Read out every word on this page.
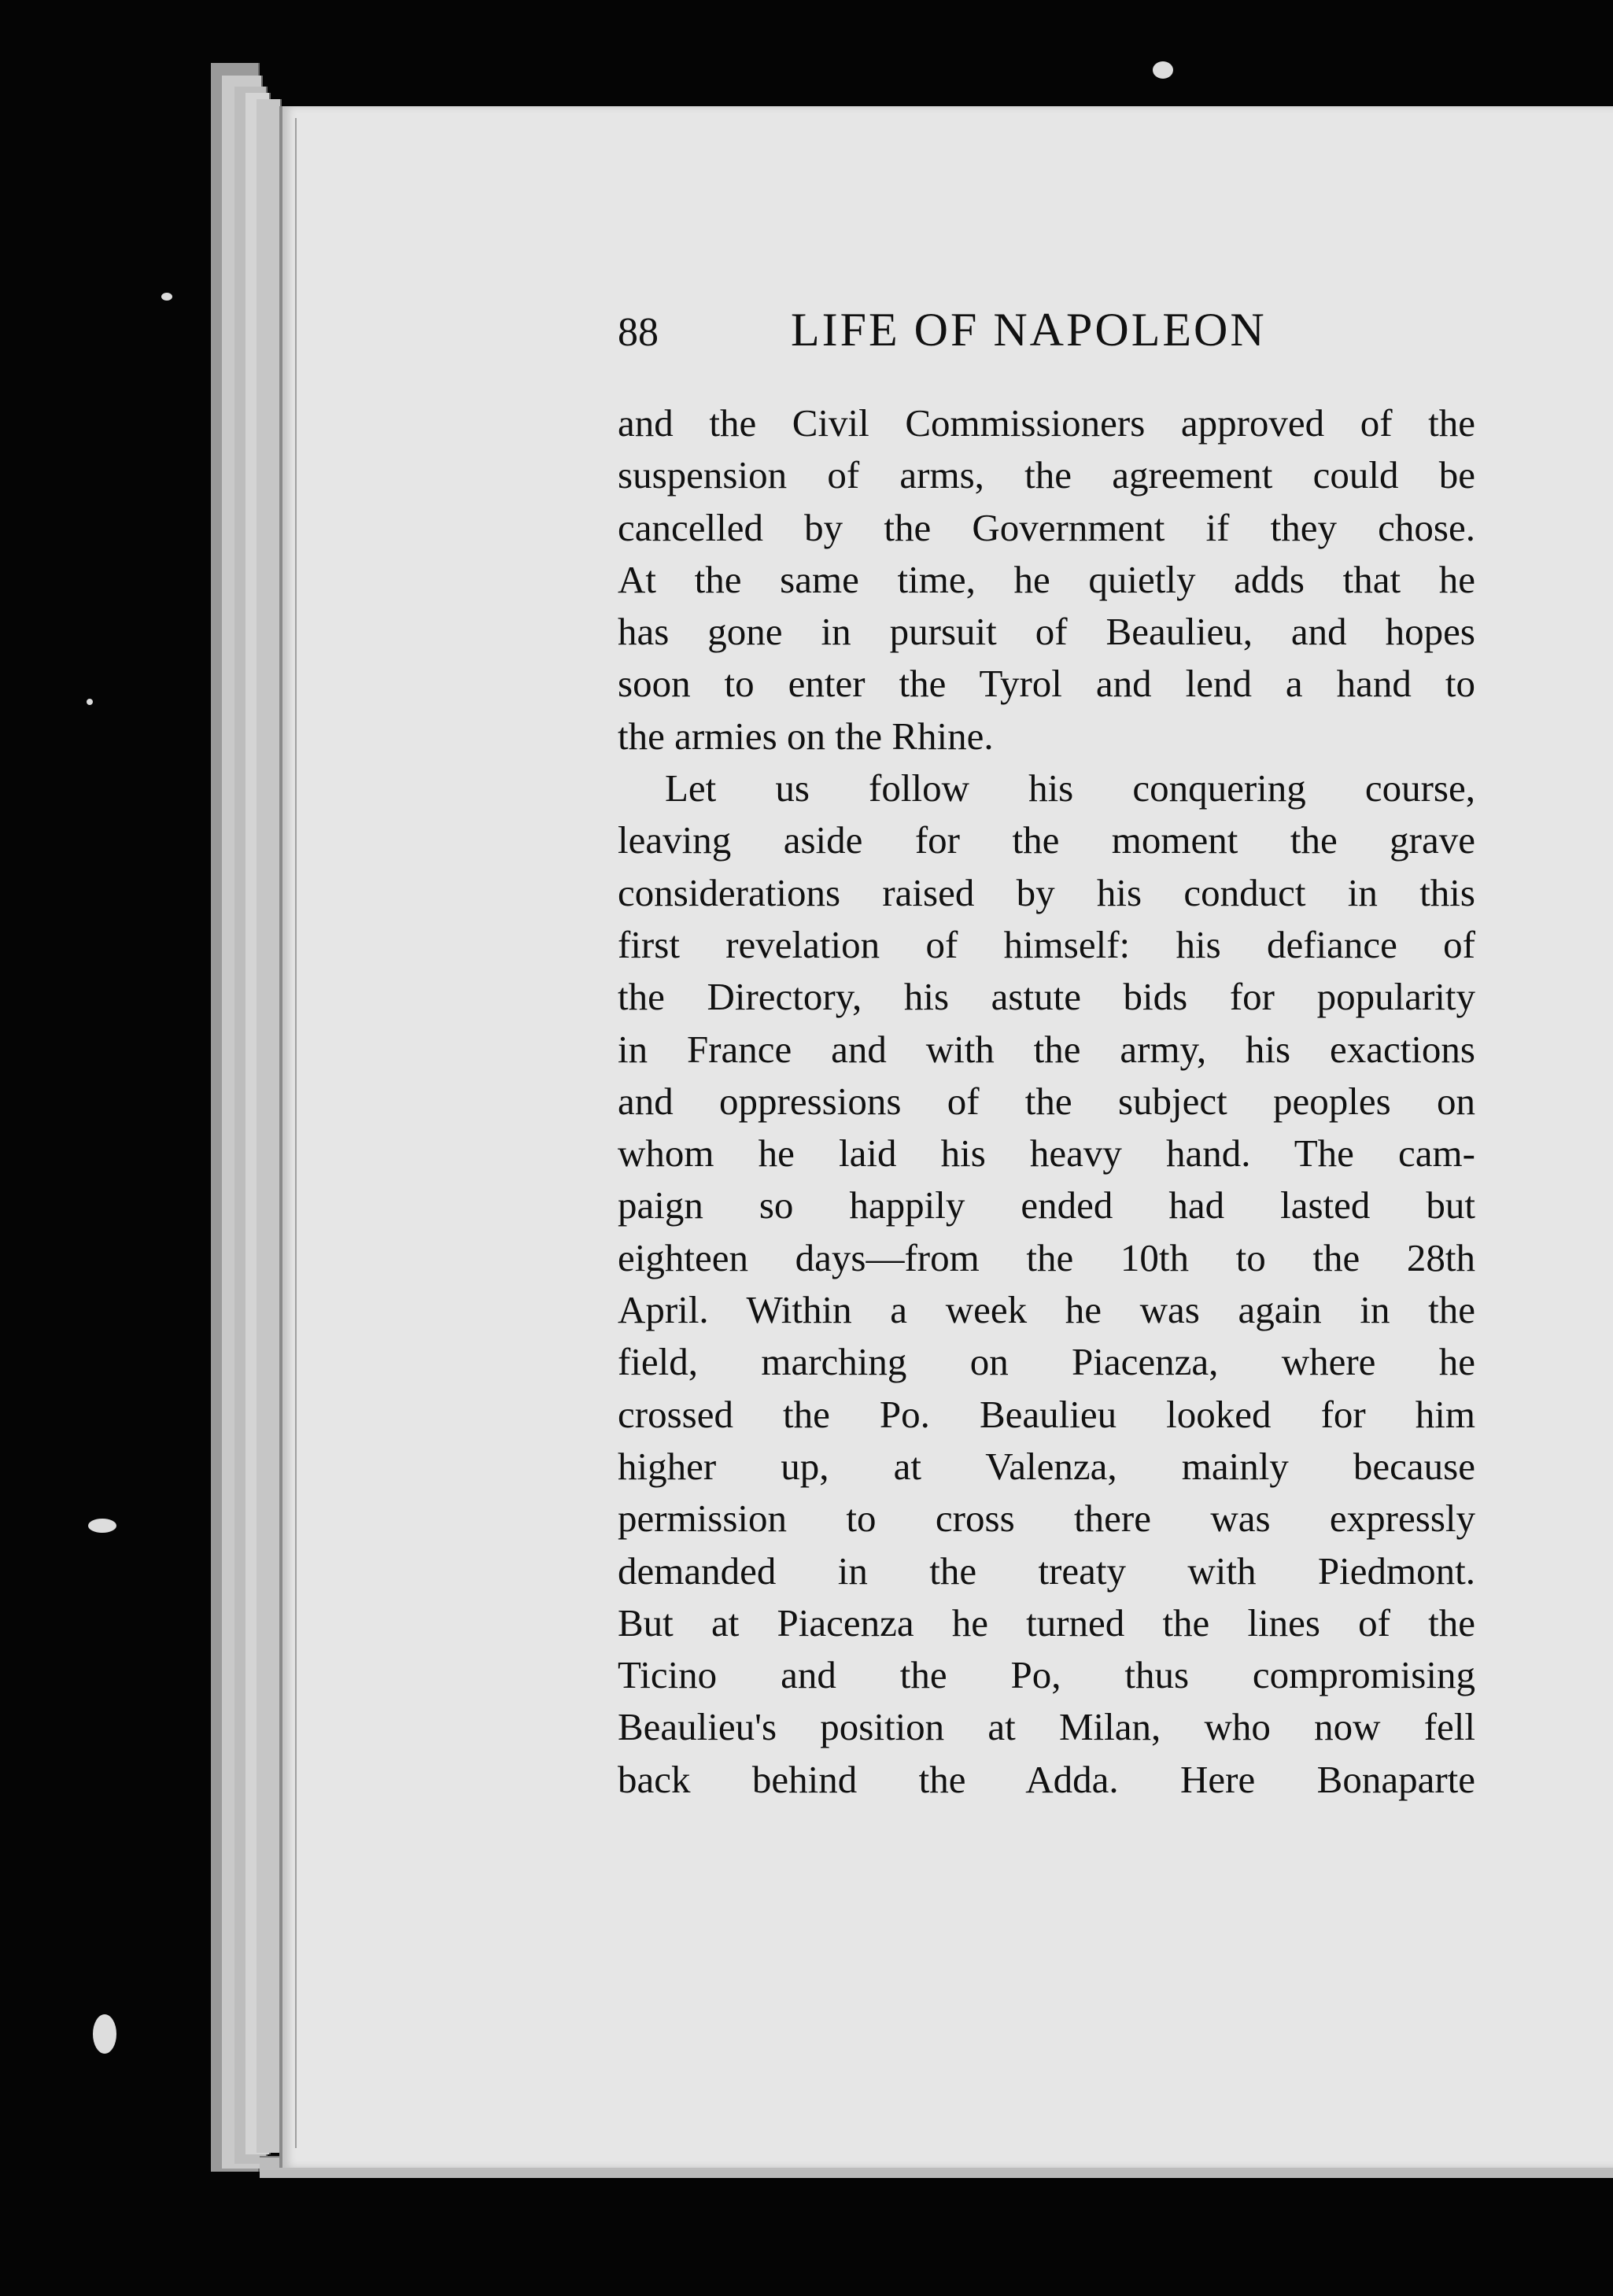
88	LIFE OF NAPOLEON
and the Civil Commissioners approved of the
suspension of arms, the agreement could be
cancelled by the Government if they chose.
At the same time, he quietly adds that he
has gone in pursuit of Beaulieu, and hopes
soon to enter the Tyrol and lend a hand to
the armies on the Rhine.
Let us follow his conquering course,
leaving aside for the moment the grave
considerations raised by his conduct in this
first revelation of himself: his defiance of
the Directory, his astute bids for popularity
in France and with the army, his exactions
and oppressions of the subject peoples on
whom he laid his heavy hand. The cam-
paign so happily ended had lasted but
eighteen days—from the 10th to the 28th
April. Within a week he was again in the
field, marching on Piacenza, where he
crossed the Po. Beaulieu looked for him
higher up, at Valenza, mainly because
permission to cross there was expressly
demanded in the treaty with Piedmont.
But at Piacenza he turned the lines of the
Ticino and the Po, thus compromising
Beaulieu's position at Milan, who now fell
back behind the Adda. Here Bonaparte
